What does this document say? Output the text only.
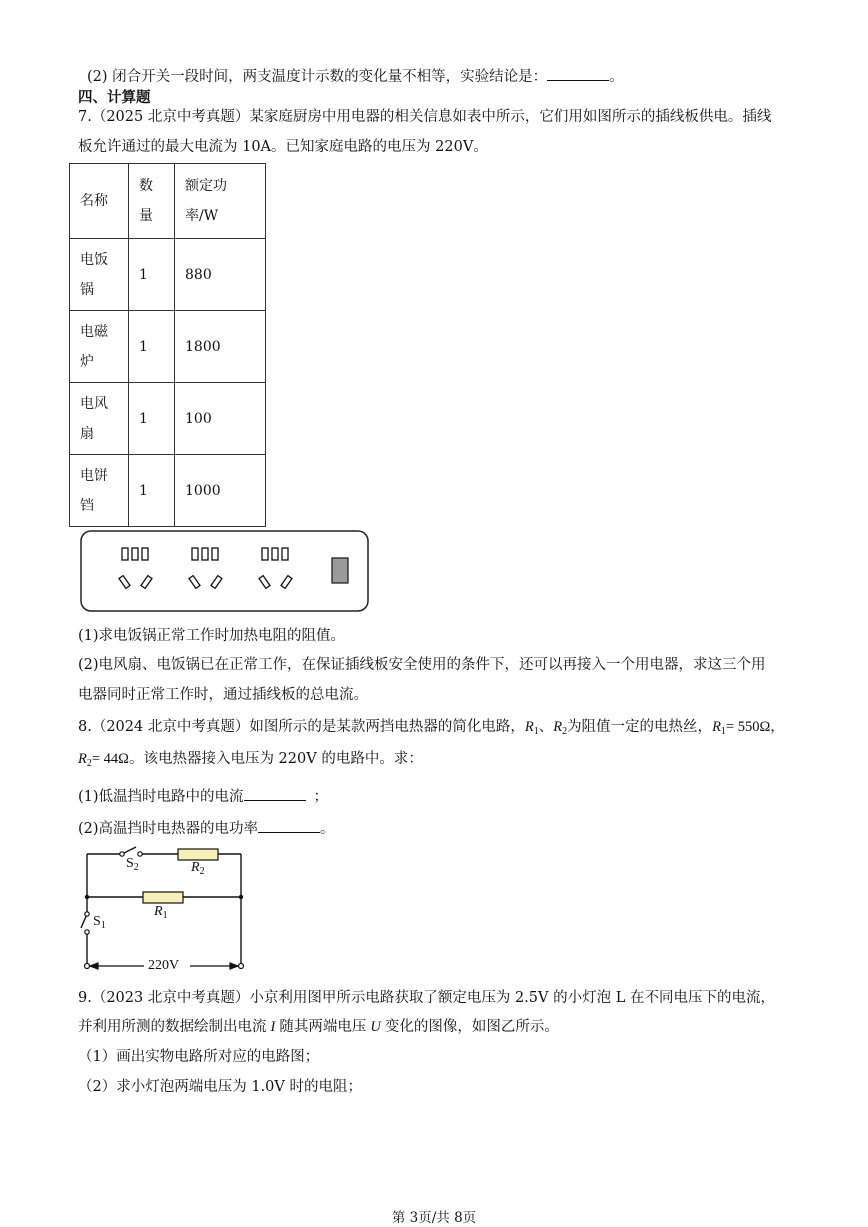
(2) 闭合开关一段时间，两支温度计示数的变化量不相等，实验结论是：	。
四、计算题
7.（2025 北京中考真题）某家庭厨房中用电器的相关信息如表中所示，它们用如图所示的插线板供电。插线
板允许通过的最大电流为 10A。已知家庭电路的电压为 220V。
名称	数量	额定功率/W

电饭锅	1	880

电磁炉	1	1800

电风扇	1	100

电饼铛	1	1000
(1)求电饭锅正常工作时加热电阻的阻值。
(2)电风扇、电饭锅已在正常工作，在保证插线板安全使用的条件下，还可以再接入一个用电器，求这三个用
电器同时正常工作时，通过插线板的总电流。
8.（2024 北京中考真题）如图所示的是某款两挡电热器的简化电路，$R_1$、$R_2$为阻值一定的电热丝，$R_1= 550\Omega$，
$R_2= 44\Omega$。该电热器接入电压为 220V 的电路中。求：
(1)低温挡时电路中的电流	；
(2)高温挡时电热器的电功率	。
$S_2$	$R_2$
$R_1$
$S_1$
220V
9.（2023 北京中考真题）小京利用图甲所示电路获取了额定电压为 2.5V 的小灯泡 L 在不同电压下的电流，
并利用所测的数据绘制出电流 I 随其两端电压 U 变化的图像，如图乙所示。
（1）画出实物电路所对应的电路图；
（2）求小灯泡两端电压为 1.0V 时的电阻；
第 3页/共 8页
